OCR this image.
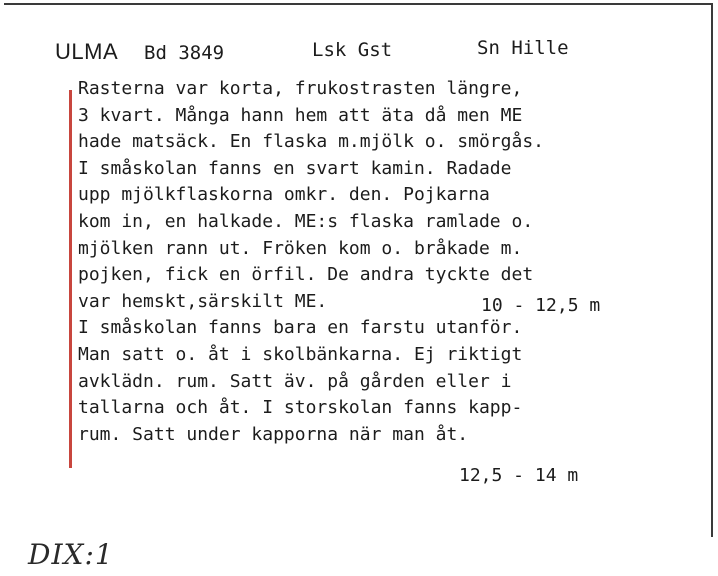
ULMA Bd 3849	Lsk Gst	Sn Hille
Rasterna var korta, frukostrasten längre,
3 kvart. Många hann hem att äta då men ME
hade matsäck. En flaska m.mjölk o. smörgås.
I småskolan fanns en svart kamin. Radade
upp mjölkflaskorna omkr. den. Pojkarna
kom in, en halkade. ME:s flaska ramlade o.
mjölken rann ut. Fröken kom o. bråkade m.
pojken, fick en örfil. De andra tyckte det
var hemskt,särskilt ME.
I småskolan fanns bara en farstu utanför.
Man satt o. åt i skolbänkarna. Ej riktigt
avklädn. rum. Satt äv. på gården eller i
tallarna och åt. I storskolan fanns kapp-
rum. Satt under kapporna när man åt.
10 - 12,5 m
12,5 - 14 m
DIX:1
